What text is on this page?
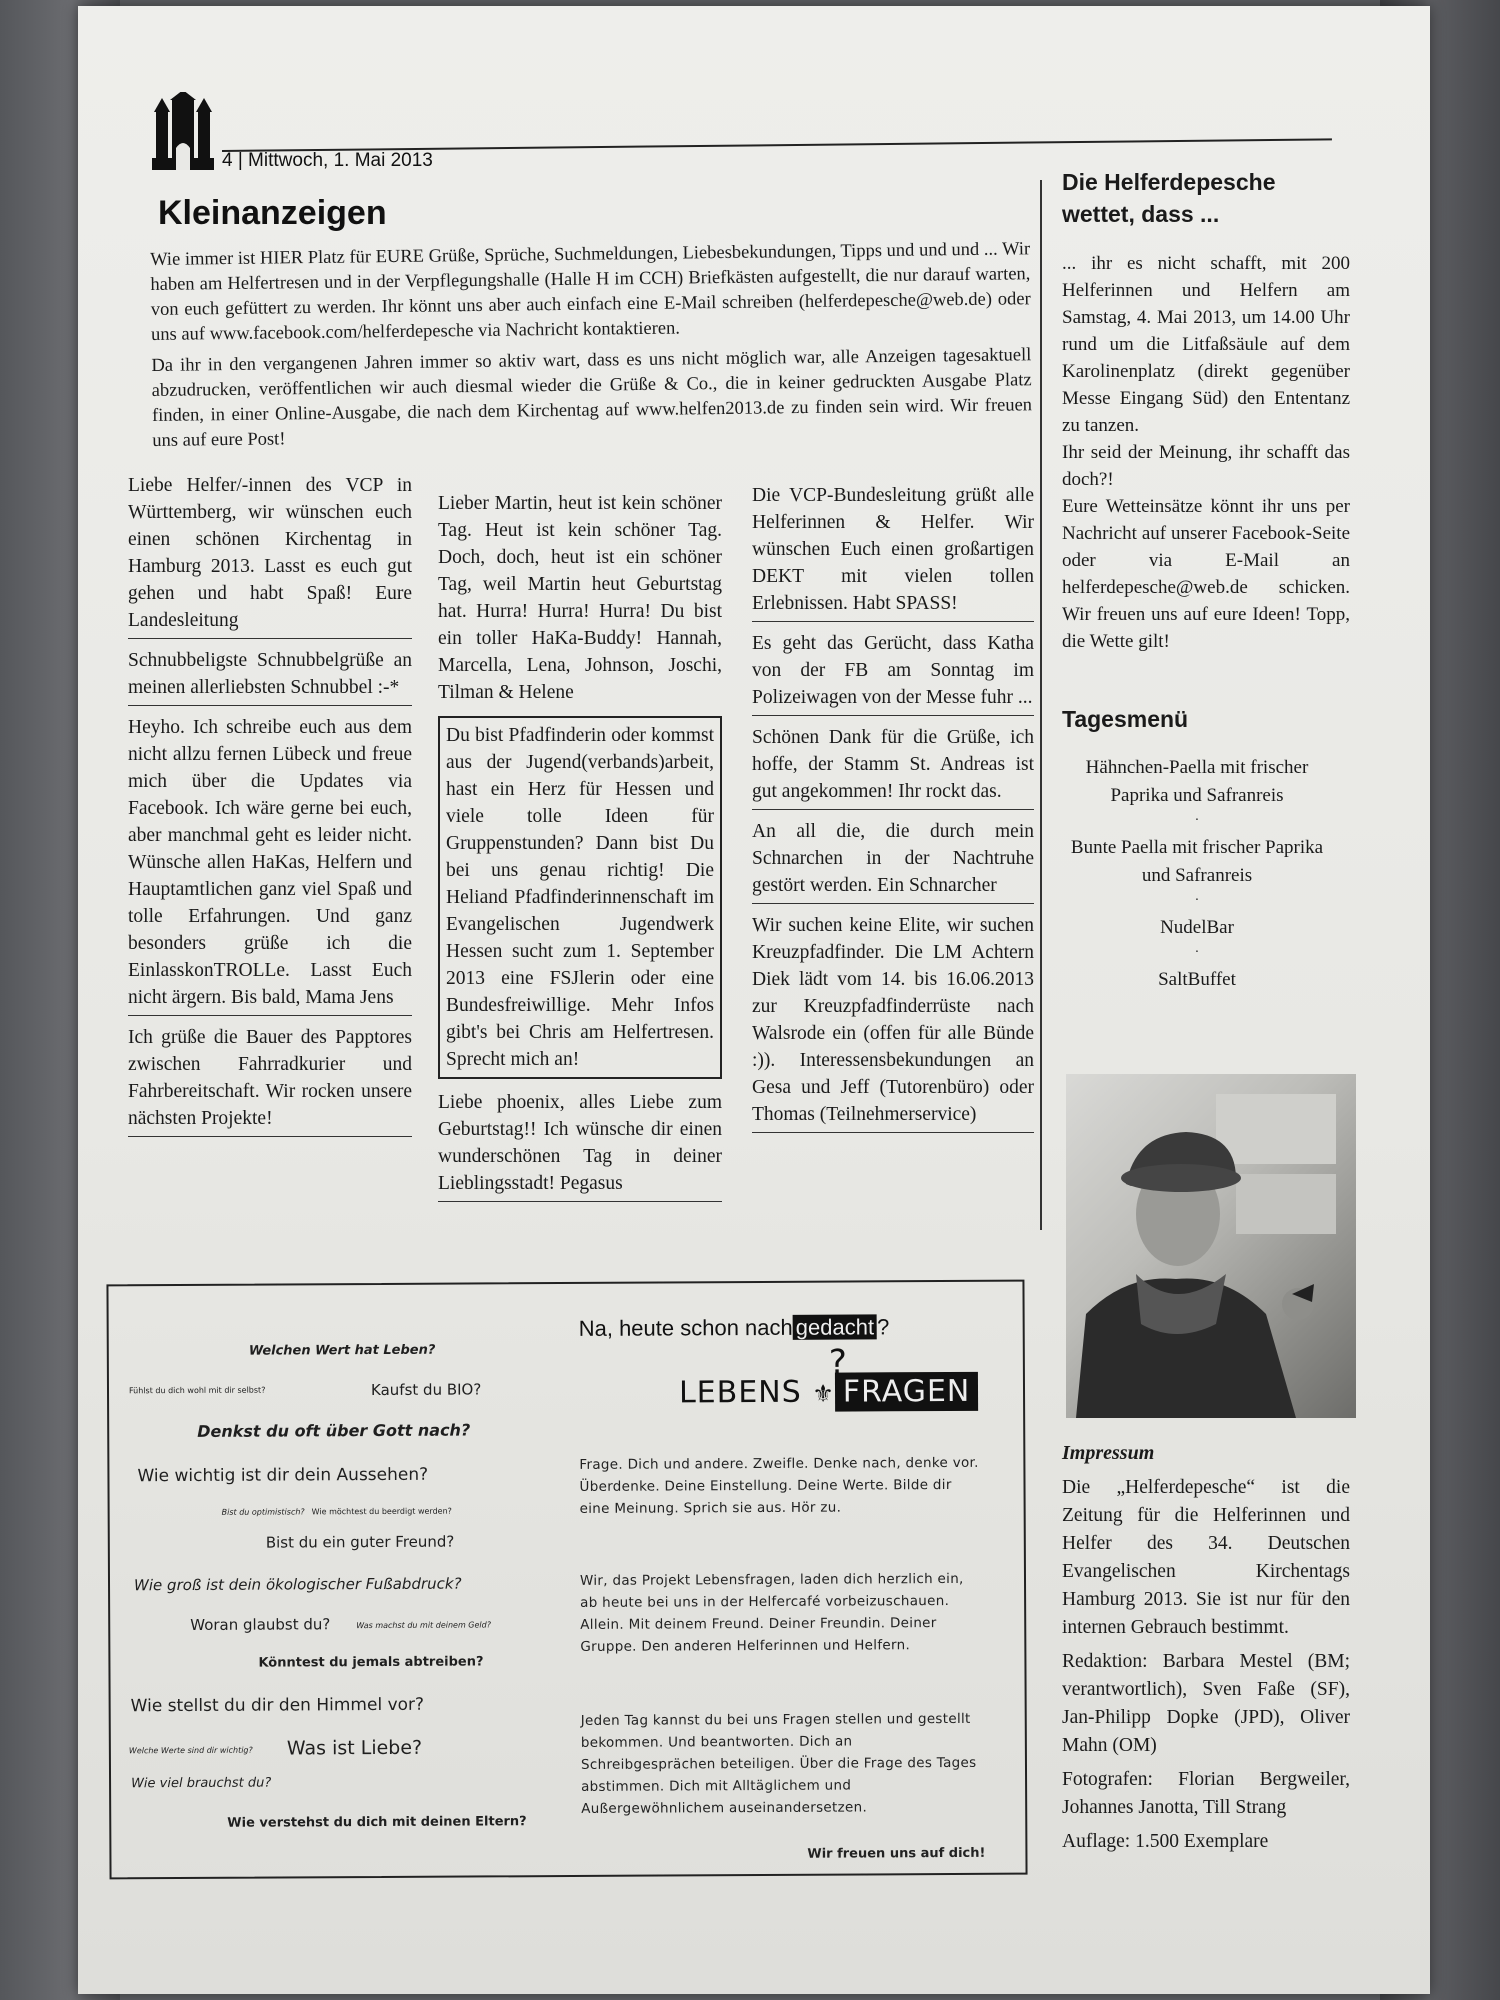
4 | Mittwoch, 1. Mai 2013
Kleinanzeigen

Wie immer ist HIER Platz für EURE Grüße, Sprüche, Suchmeldungen, Liebesbekundungen, Tipps und und und ... Wir haben am Helfertresen und in der Verpflegungshalle (Halle H im CCH) Briefkästen aufgestellt, die nur darauf warten, von euch gefüttert zu werden. Ihr könnt uns aber auch einfach eine E-Mail schreiben (helferdepesche@web.de) oder uns auf www.facebook.com/helferdepesche via Nachricht kontaktieren.

Da ihr in den vergangenen Jahren immer so aktiv wart, dass es uns nicht möglich war, alle Anzeigen tagesaktuell abzudrucken, veröffentlichen wir auch diesmal wieder die Grüße & Co., die in keiner gedruckten Ausgabe Platz finden, in einer Online-Ausgabe, die nach dem Kirchentag auf www.helfen2013.de zu finden sein wird. Wir freuen uns auf eure Post!

Liebe Helfer/-innen des VCP in Württemberg, wir wünschen euch einen schönen Kirchentag in Hamburg 2013. Lasst es euch gut gehen und habt Spaß! Eure Landesleitung
Schnubbeligste Schnubbelgrüße an meinen allerliebsten Schnubbel :-*
Heyho. Ich schreibe euch aus dem nicht allzu fernen Lübeck und freue mich über die Updates via Facebook. Ich wäre gerne bei euch, aber manchmal geht es leider nicht. Wünsche allen HaKas, Helfern und Hauptamtlichen ganz viel Spaß und tolle Erfahrungen. Und ganz besonders grüße ich die EinlasskonTROLLe. Lasst Euch nicht ärgern. Bis bald, Mama Jens
Ich grüße die Bauer des Papptores zwischen Fahrradkurier und Fahrbereitschaft. Wir rocken unsere nächsten Projekte!
Lieber Martin, heut ist kein schöner Tag. Heut ist kein schöner Tag. Doch, doch, heut ist ein schöner Tag, weil Martin heut Geburtstag hat. Hurra! Hurra! Hurra! Du bist ein toller HaKa-Buddy! Hannah, Marcella, Lena, Johnson, Joschi, Tilman & Helene
Du bist Pfadfinderin oder kommst aus der Jugend(verbands)arbeit, hast ein Herz für Hessen und viele tolle Ideen für Gruppenstunden? Dann bist Du bei uns genau richtig! Die Heliand Pfadfinderinnenschaft im Evangelischen Jugendwerk Hessen sucht zum 1. September 2013 eine FSJlerin oder eine Bundesfreiwillige. Mehr Infos gibt's bei Chris am Helfertresen. Sprecht mich an!
Liebe phoenix, alles Liebe zum Geburtstag!! Ich wünsche dir einen wunderschönen Tag in deiner Lieblingsstadt! Pegasus
Die VCP-Bundesleitung grüßt alle Helferinnen & Helfer. Wir wünschen Euch einen großartigen DEKT mit vielen tollen Erlebnissen. Habt SPASS!
Es geht das Gerücht, dass Katha von der FB am Sonntag im Polizeiwagen von der Messe fuhr ...
Schönen Dank für die Grüße, ich hoffe, der Stamm St. Andreas ist gut angekommen! Ihr rockt das.
An all die, die durch mein Schnarchen in der Nachtruhe gestört werden. Ein Schnarcher
Wir suchen keine Elite, wir suchen Kreuzpfadfinder. Die LM Achtern Diek lädt vom 14. bis 16.06.2013 zur Kreuzpfadfinderrüste nach Walsrode ein (offen für alle Bünde :)). Interessensbekundungen an Gesa und Jeff (Tutorenbüro) oder Thomas (Teilnehmerservice)
Die Helferdepesche wettet, dass ...
... ihr es nicht schafft, mit 200 Helferinnen und Helfern am Samstag, 4. Mai 2013, um 14.00 Uhr rund um die Litfaßsäule auf dem Karolinenplatz (direkt gegenüber Messe Eingang Süd) den Ententanz zu tanzen.
Ihr seid der Meinung, ihr schafft das doch?!
Eure Wetteinsätze könnt ihr uns per Nachricht auf unserer Facebook-Seite oder via E-Mail an helferdepesche@web.de schicken. Wir freuen uns auf eure Ideen! Topp, die Wette gilt!
Tagesmenü
Hähnchen-Paella mit frischer Paprika und Safranreis
·
Bunte Paella mit frischer Paprika und Safranreis
·
NudelBar
·
SaltBuffet
Impressum
Die „Helferdepesche“ ist die Zeitung für die Helferinnen und Helfer des 34. Deutschen Evangelischen Kirchentags Hamburg 2013. Sie ist nur für den internen Gebrauch bestimmt.
Redaktion: Barbara Mestel (BM; verantwortlich), Sven Faße (SF), Jan-Philipp Dopke (JPD), Oliver Mahn (OM)
Fotografen: Florian Bergweiler, Johannes Janotta, Till Strang
Auflage: 1.500 Exemplare
Welchen Wert hat Leben?
Fühlst du dich wohl mit dir selbst?	Kaufst du BIO?
Denkst du oft über Gott nach?
Wie wichtig ist dir dein Aussehen?
Bist du optimistisch? Wie möchtest du beerdigt werden?
Bist du ein guter Freund?
Wie groß ist dein ökologischer Fußabdruck?
Woran glaubst du?	Was machst du mit deinem Geld?
Könntest du jemals abtreiben?
Wie stellst du dir den Himmel vor?
Welche Werte sind dir wichtig? Was ist Liebe?
Wie viel brauchst du?
Wie verstehst du dich mit deinen Eltern?
Na, heute schon nach gedacht ?
LEBENS
?
⚜ FRAGEN
Frage. Dich und andere. Zweifle. Denke nach, denke vor. Überdenke. Deine Einstellung. Deine Werte. Bilde dir eine Meinung. Sprich sie aus. Hör zu.
Wir, das Projekt Lebensfragen, laden dich herzlich ein, ab heute bei uns in der Helfercafé vorbeizuschauen. Allein. Mit deinem Freund. Deiner Freundin. Deiner Gruppe. Den anderen Helferinnen und Helfern.
Jeden Tag kannst du bei uns Fragen stellen und gestellt bekommen. Und beantworten. Dich an Schreibgesprächen beteiligen. Über die Frage des Tages abstimmen. Dich mit Alltäglichem und Außergewöhnlichem auseinandersetzen.
Wir freuen uns auf dich!
